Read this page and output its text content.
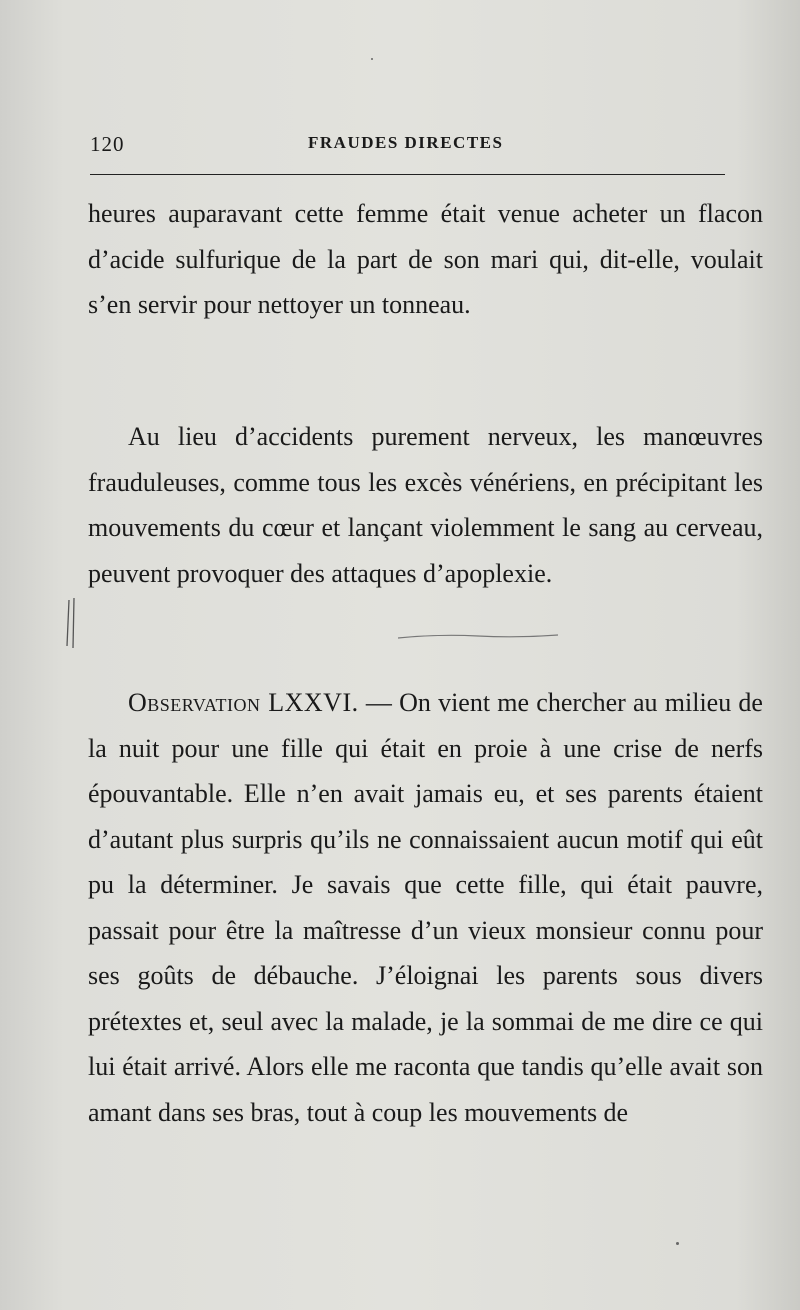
120	FRAUDES DIRECTES

heures auparavant cette femme était venue acheter un flacon d’acide sulfurique de la part de son mari qui, dit-elle, voulait s’en servir pour nettoyer un tonneau.

Au lieu d’accidents purement nerveux, les manœuvres frauduleuses, comme tous les excès vénériens, en précipitant les mouvements du cœur et lançant violemment le sang au cerveau, peuvent provoquer des attaques d’apoplexie.

Observation LXXVI. — On vient me chercher au milieu de la nuit pour une fille qui était en proie à une crise de nerfs épouvantable. Elle n’en avait jamais eu, et ses parents étaient d’autant plus surpris qu’ils ne connaissaient aucun motif qui eût pu la déterminer. Je savais que cette fille, qui était pauvre, passait pour être la maîtresse d’un vieux monsieur connu pour ses goûts de débauche. J’éloignai les parents sous divers prétextes et, seul avec la malade, je la sommai de me dire ce qui lui était arrivé. Alors elle me raconta que tandis qu’elle avait son amant dans ses bras, tout à coup les mouvements de
